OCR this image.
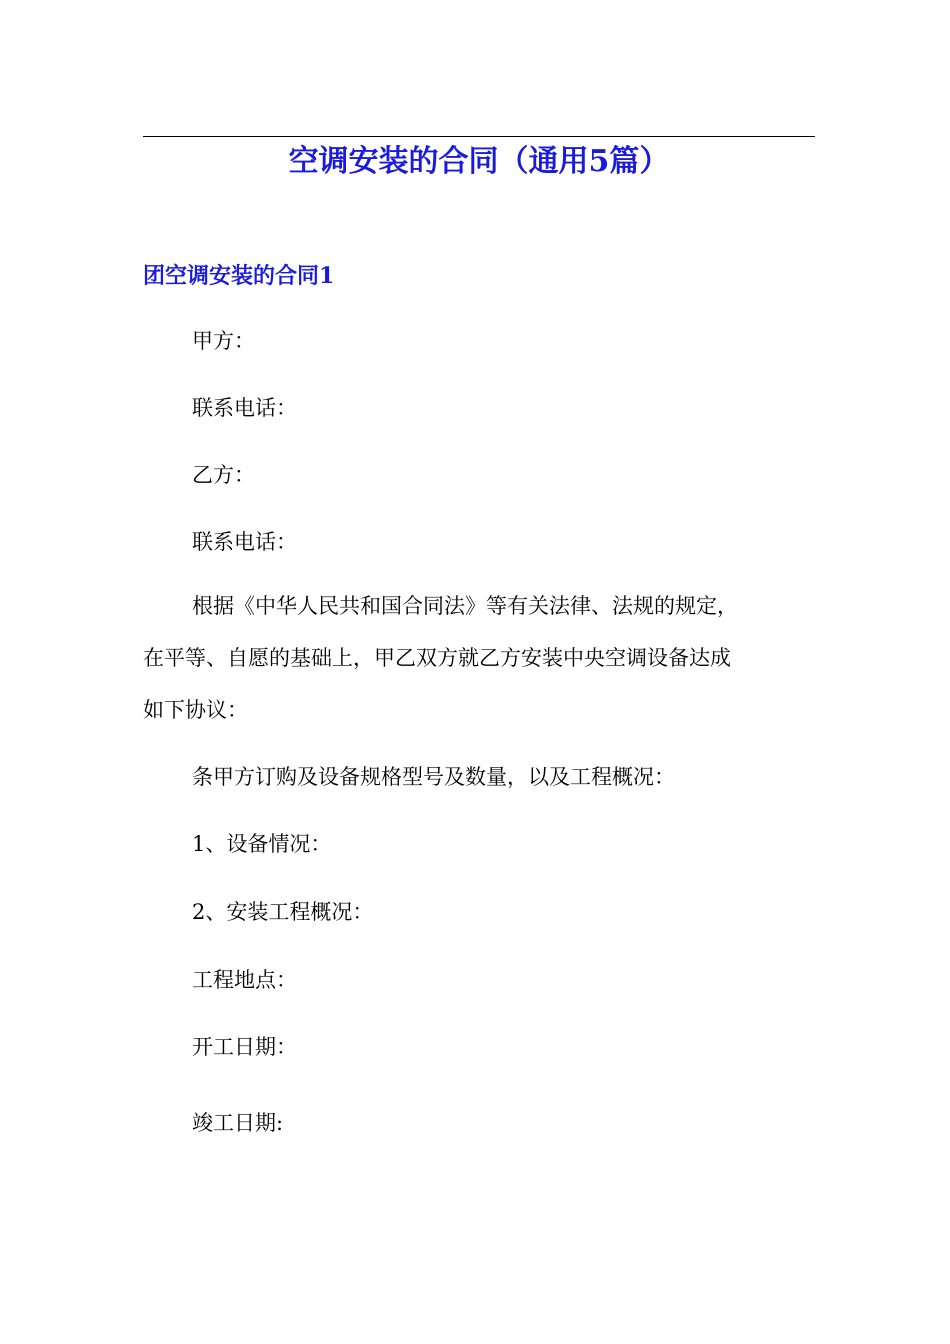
空调安装的合同（通用5篇）
团空调安装的合同1

甲方：

联系电话：

乙方：

联系电话：

根据《中华人民共和国合同法》等有关法律、法规的规定，

在平等、自愿的基础上，甲乙双方就乙方安装中央空调设备达成

如下协议：

条甲方订购及设备规格型号及数量，以及工程概况：

1、设备情况：

2、安装工程概况：

工程地点：

开工日期：

竣工日期:
